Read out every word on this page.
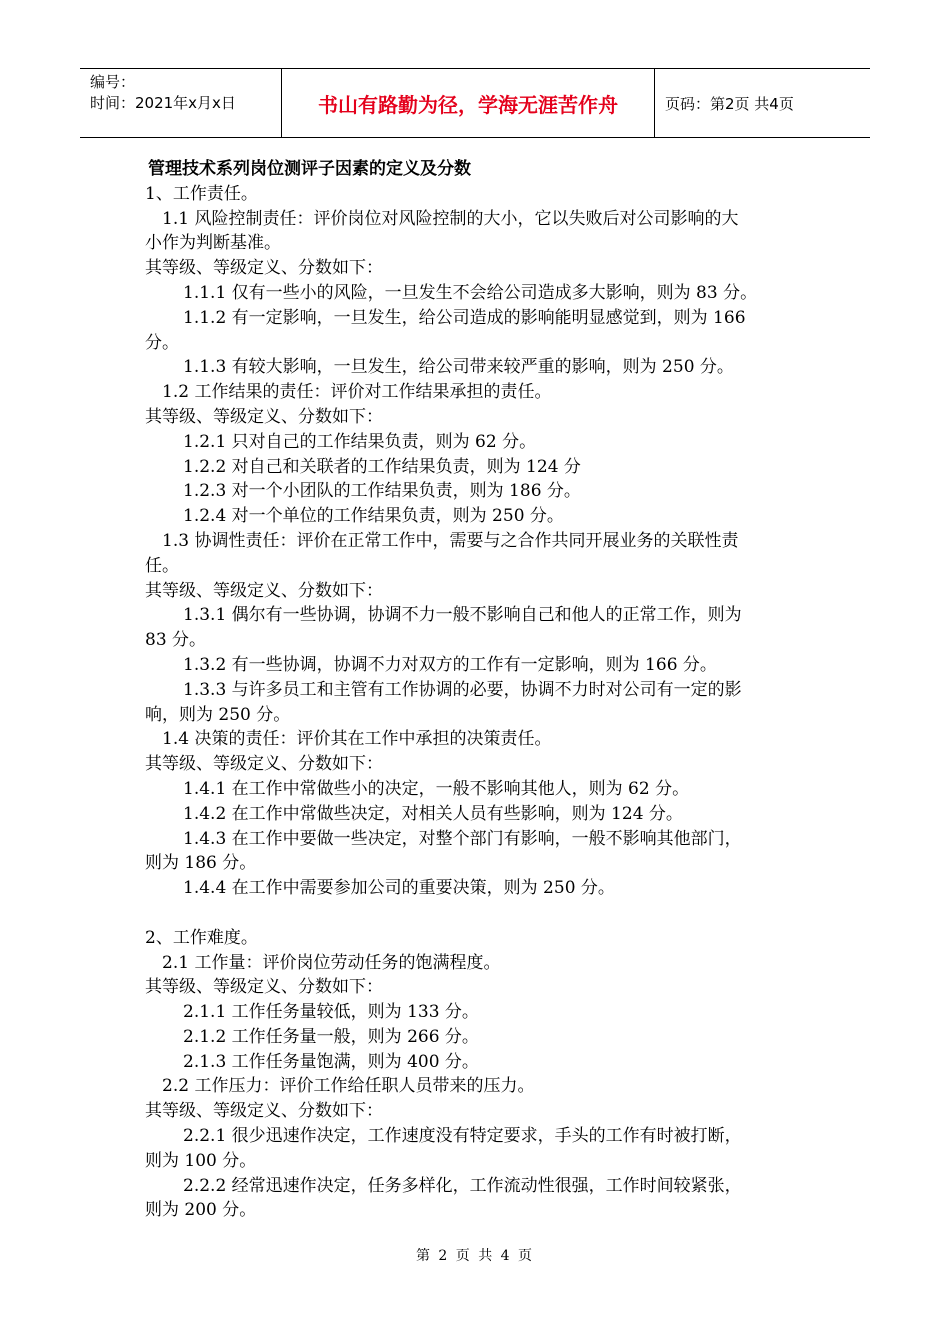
编号：
时间：2021年x月x日	书山有路勤为径，学海无涯苦作舟	页码：第2页 共4页

管理技术系列岗位测评子因素的定义及分数

1、工作责任。

1.1 风险控制责任：评价岗位对风险控制的大小，它以失败后对公司影响的大

小作为判断基准。

其等级、等级定义、分数如下：

1.1.1 仅有一些小的风险，一旦发生不会给公司造成多大影响，则为 83 分。

1.1.2 有一定影响，一旦发生，给公司造成的影响能明显感觉到，则为 166

分。

1.1.3 有较大影响，一旦发生，给公司带来较严重的影响，则为 250 分。

1.2 工作结果的责任：评价对工作结果承担的责任。

其等级、等级定义、分数如下：

1.2.1 只对自己的工作结果负责，则为 62 分。

1.2.2 对自己和关联者的工作结果负责，则为 124 分

1.2.3 对一个小团队的工作结果负责，则为 186 分。

1.2.4 对一个单位的工作结果负责，则为 250 分。

1.3 协调性责任：评价在正常工作中，需要与之合作共同开展业务的关联性责

任。

其等级、等级定义、分数如下：

1.3.1 偶尔有一些协调，协调不力一般不影响自己和他人的正常工作，则为

83 分。

1.3.2 有一些协调，协调不力对双方的工作有一定影响，则为 166 分。

1.3.3 与许多员工和主管有工作协调的必要，协调不力时对公司有一定的影

响，则为 250 分。

1.4 决策的责任：评价其在工作中承担的决策责任。

其等级、等级定义、分数如下：

1.4.1 在工作中常做些小的决定，一般不影响其他人，则为 62 分。

1.4.2 在工作中常做些决定，对相关人员有些影响，则为 124 分。

1.4.3 在工作中要做一些决定，对整个部门有影响，一般不影响其他部门，

则为 186 分。

1.4.4 在工作中需要参加公司的重要决策，则为 250 分。

2、工作难度。

2.1 工作量：评价岗位劳动任务的饱满程度。

其等级、等级定义、分数如下：

2.1.1 工作任务量较低，则为 133 分。

2.1.2 工作任务量一般，则为 266 分。

2.1.3 工作任务量饱满，则为 400 分。

2.2 工作压力：评价工作给任职人员带来的压力。

其等级、等级定义、分数如下：

2.2.1 很少迅速作决定，工作速度没有特定要求，手头的工作有时被打断，

则为 100 分。

2.2.2 经常迅速作决定，任务多样化，工作流动性很强，工作时间较紧张，

则为 200 分。

第 2 页 共 4 页
